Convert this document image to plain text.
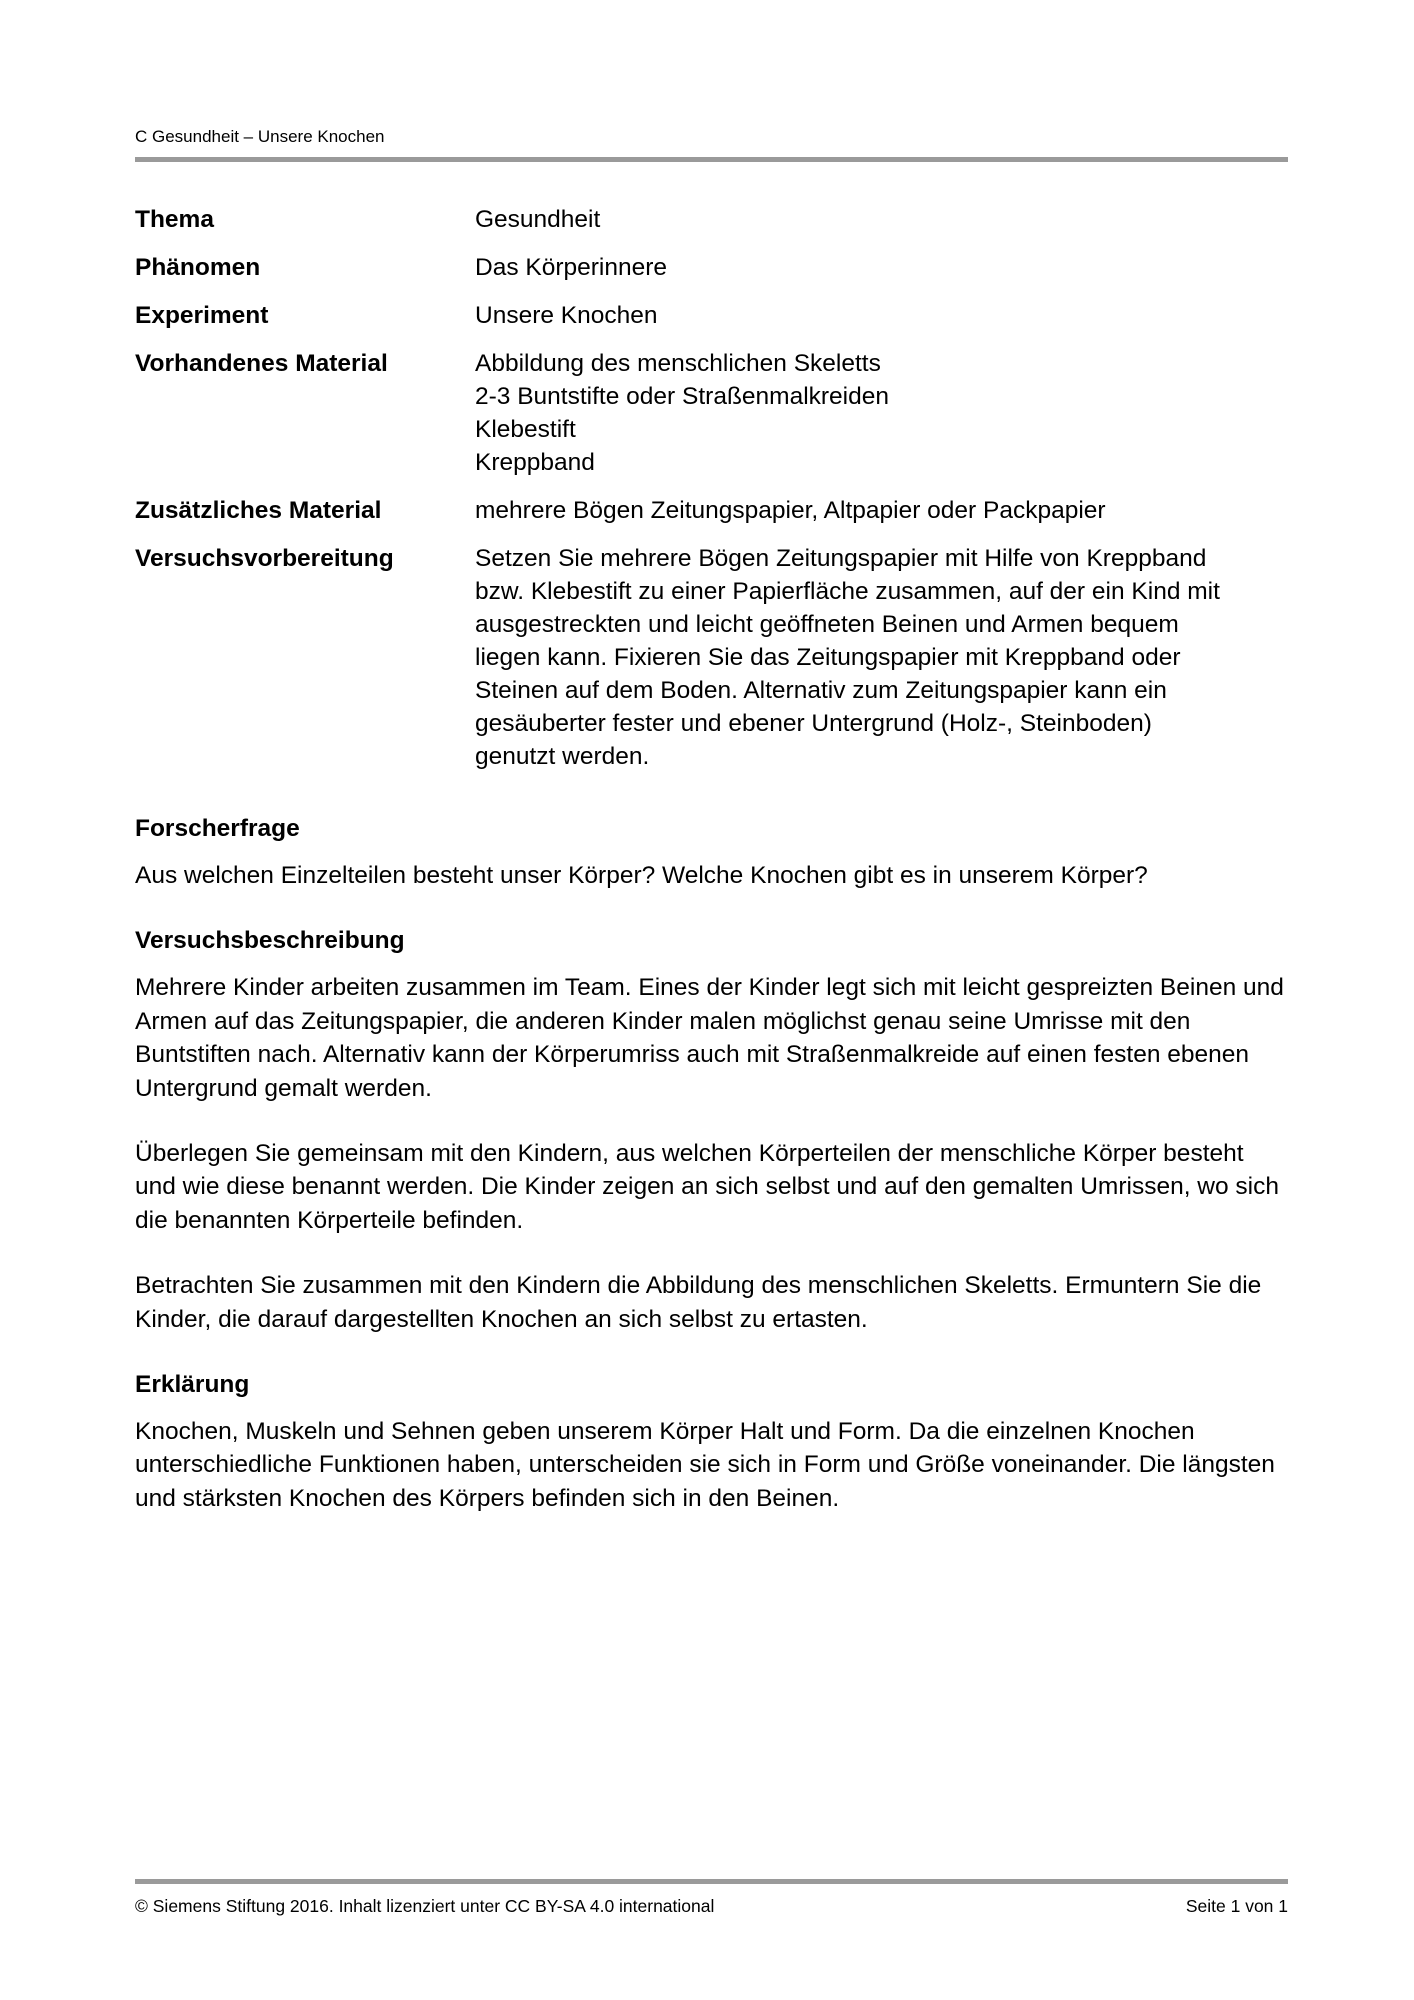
C Gesundheit – Unsere Knochen
Thema	Gesundheit
Phänomen	Das Körperinnere
Experiment	Unsere Knochen
Vorhandenes Material	Abbildung des menschlichen Skeletts
2-3 Buntstifte oder Straßenmalkreiden
Klebestift
Kreppband
Zusätzliches Material	mehrere Bögen Zeitungspapier, Altpapier oder Packpapier
Versuchsvorbereitung	Setzen Sie mehrere Bögen Zeitungspapier mit Hilfe von Kreppband
bzw. Klebestift zu einer Papierfläche zusammen, auf der ein Kind mit
ausgestreckten und leicht geöffneten Beinen und Armen bequem
liegen kann. Fixieren Sie das Zeitungspapier mit Kreppband oder
Steinen auf dem Boden. Alternativ zum Zeitungspapier kann ein
gesäuberter fester und ebener Untergrund (Holz-, Steinboden)
genutzt werden.
Forscherfrage

Aus welchen Einzelteilen besteht unser Körper? Welche Knochen gibt es in unserem Körper?

Versuchsbeschreibung

Mehrere Kinder arbeiten zusammen im Team. Eines der Kinder legt sich mit leicht gespreizten Beinen und Armen auf das Zeitungspapier, die anderen Kinder malen möglichst genau seine Umrisse mit den Buntstiften nach. Alternativ kann der Körperumriss auch mit Straßenmalkreide auf einen festen ebenen Untergrund gemalt werden.

Überlegen Sie gemeinsam mit den Kindern, aus welchen Körperteilen der menschliche Körper besteht und wie diese benannt werden. Die Kinder zeigen an sich selbst und auf den gemalten Umrissen, wo sich die benannten Körperteile befinden.

Betrachten Sie zusammen mit den Kindern die Abbildung des menschlichen Skeletts. Ermuntern Sie die Kinder, die darauf dargestellten Knochen an sich selbst zu ertasten.

Erklärung

Knochen, Muskeln und Sehnen geben unserem Körper Halt und Form. Da die einzelnen Knochen unterschiedliche Funktionen haben, unterscheiden sie sich in Form und Größe voneinander. Die längsten und stärksten Knochen des Körpers befinden sich in den Beinen.

© Siemens Stiftung 2016. Inhalt lizenziert unter CC BY-SA 4.0 international	Seite 1 von 1
